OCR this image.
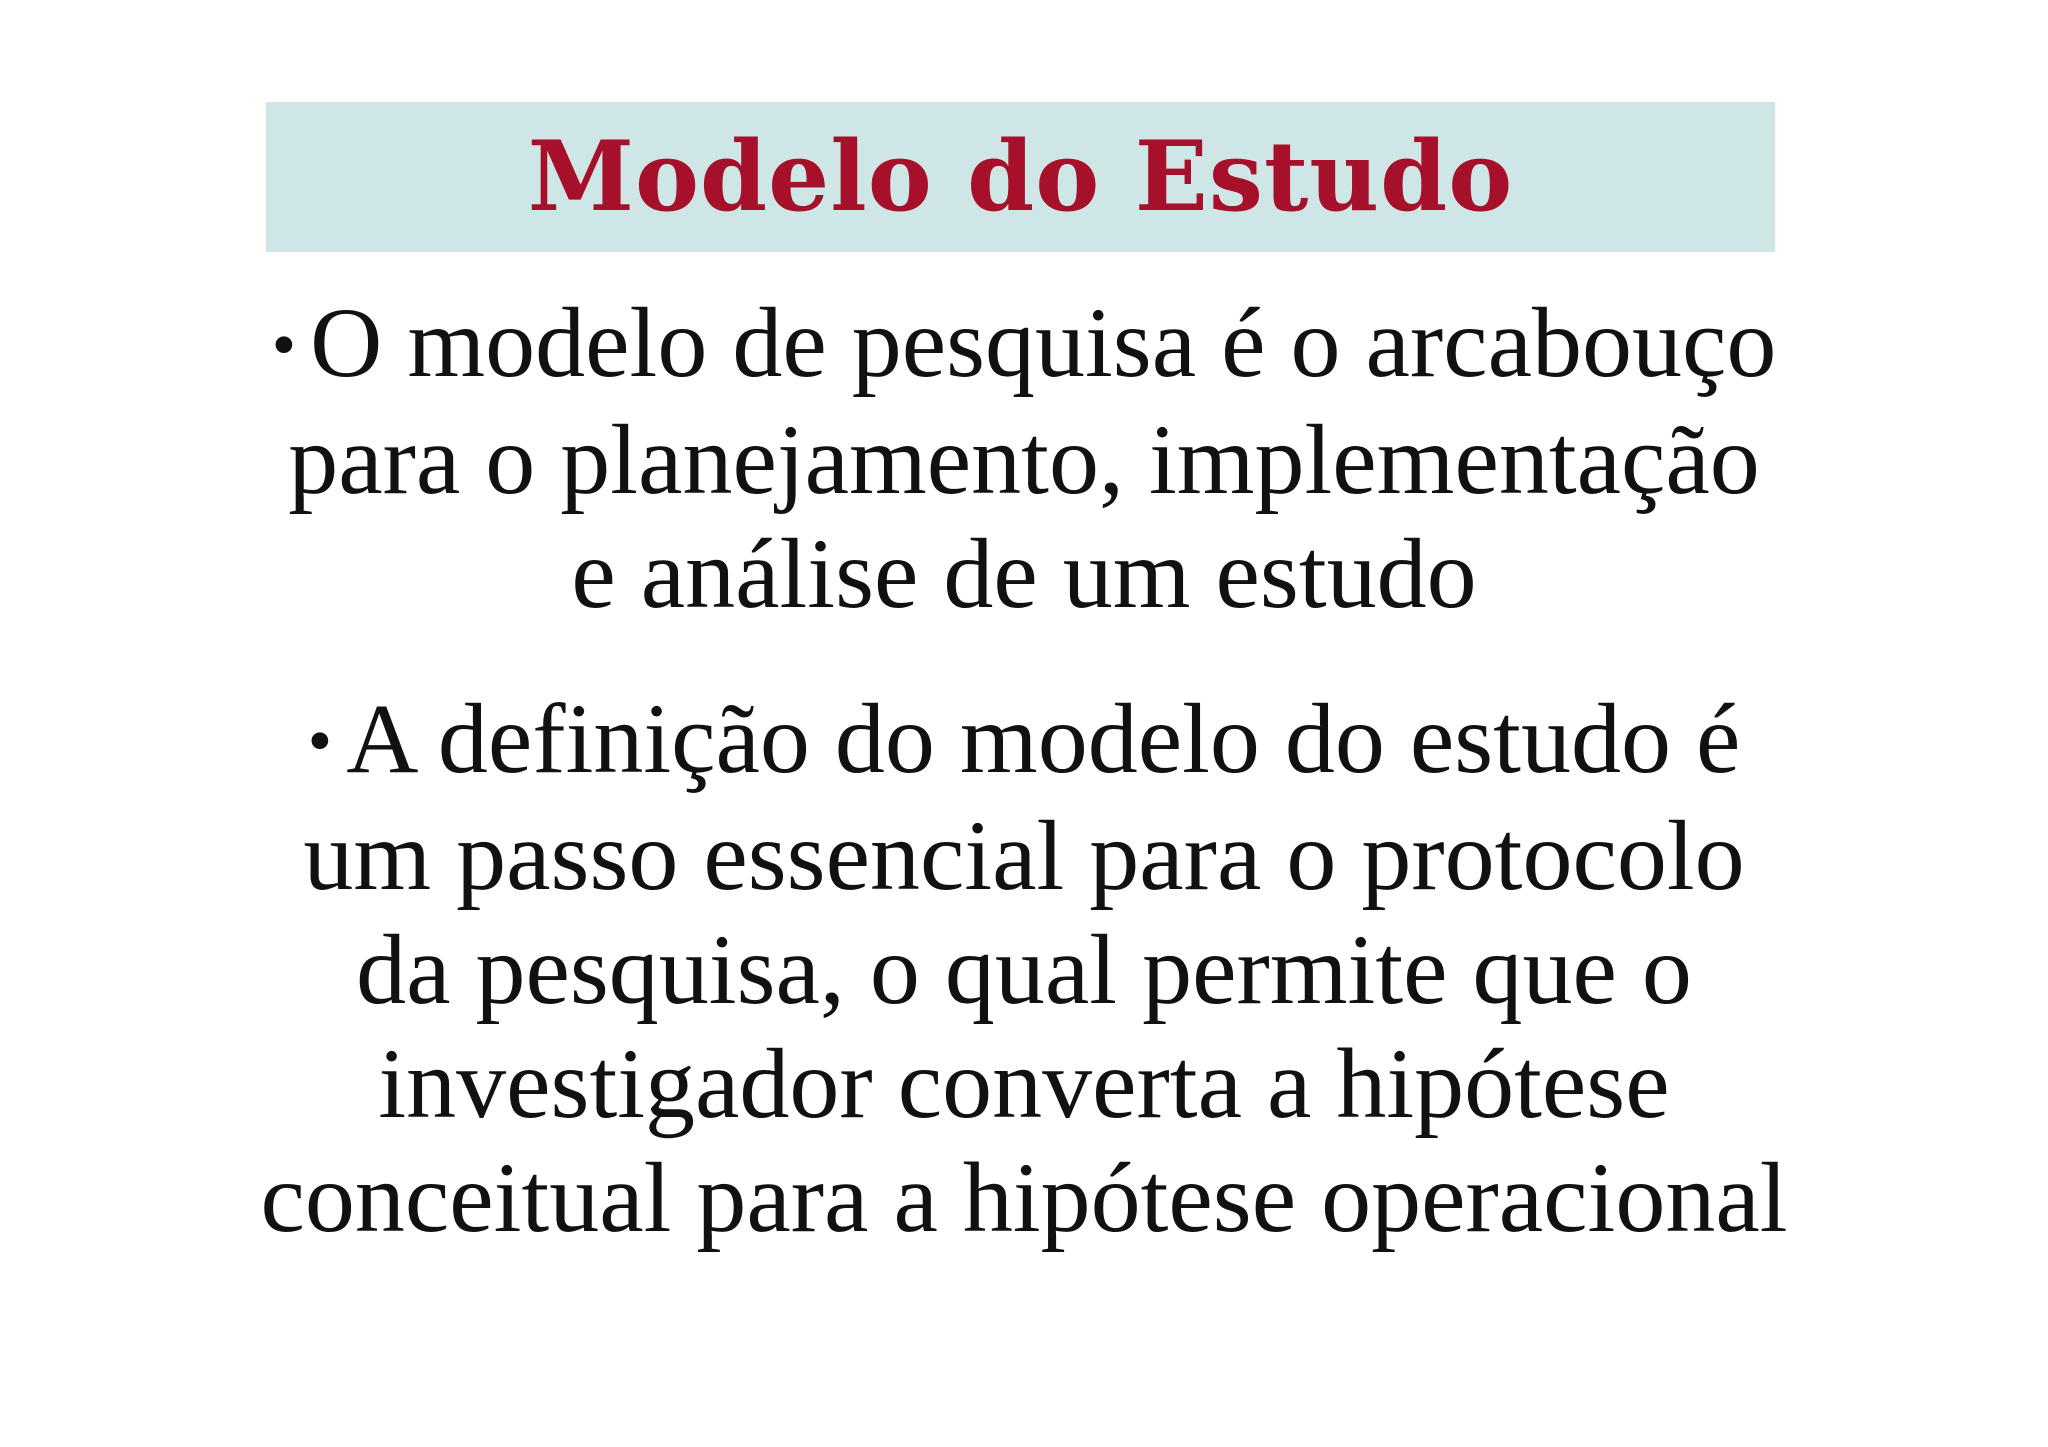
Modelo do Estudo
• O modelo de pesquisa é o arcabouço
para o planejamento, implementação
e análise de um estudo
• A definição do modelo do estudo é
um passo essencial para o protocolo
da pesquisa, o qual permite que o
investigador converta a hipótese
conceitual para a hipótese operacional
